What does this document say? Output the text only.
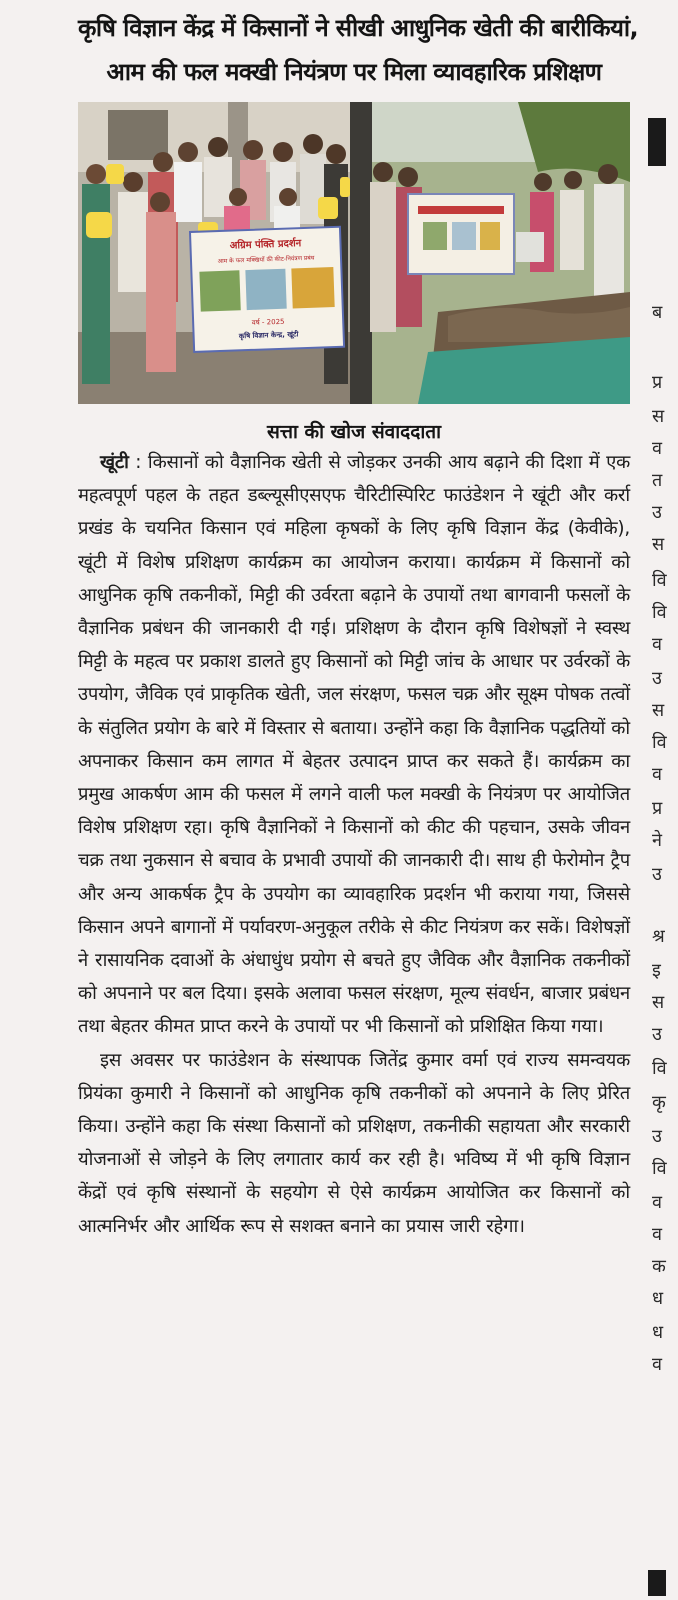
कृषि विज्ञान केंद्र में किसानों ने सीखी आधुनिक खेती की बारीकियां,
आम की फल मक्खी नियंत्रण पर मिला व्यावहारिक प्रशिक्षण
अग्रिम पंक्ति प्रदर्शन
आम के फल मक्खियों की कीट-नियंत्रण प्रबंध
वर्ष - 2025
कृषि विज्ञान केन्द्र, खूंटी
सत्ता की खोज संवाददाता

खूंटी : किसानों को वैज्ञानिक खेती से जोड़कर उनकी आय बढ़ाने की दिशा में एक महत्वपूर्ण पहल के तहत डब्ल्यूसीएसएफ चैरिटीस्पिरिट फाउंडेशन ने खूंटी और कर्रा प्रखंड के चयनित किसान एवं महिला कृषकों के लिए कृषि विज्ञान केंद्र (केवीके), खूंटी में विशेष प्रशिक्षण कार्यक्रम का आयोजन कराया। कार्यक्रम में किसानों को आधुनिक कृषि तकनीकों, मिट्टी की उर्वरता बढ़ाने के उपायों तथा बागवानी फसलों के वैज्ञानिक प्रबंधन की जानकारी दी गई। प्रशिक्षण के दौरान कृषि विशेषज्ञों ने स्वस्थ मिट्टी के महत्व पर प्रकाश डालते हुए किसानों को मिट्टी जांच के आधार पर उर्वरकों के उपयोग, जैविक एवं प्राकृतिक खेती, जल संरक्षण, फसल चक्र और सूक्ष्म पोषक तत्वों के संतुलित प्रयोग के बारे में विस्तार से बताया। उन्होंने कहा कि वैज्ञानिक पद्धतियों को अपनाकर किसान कम लागत में बेहतर उत्पादन प्राप्त कर सकते हैं। कार्यक्रम का प्रमुख आकर्षण आम की फसल में लगने वाली फल मक्खी के नियंत्रण पर आयोजित विशेष प्रशिक्षण रहा। कृषि वैज्ञानिकों ने किसानों को कीट की पहचान, उसके जीवन चक्र तथा नुकसान से बचाव के प्रभावी उपायों की जानकारी दी। साथ ही फेरोमोन ट्रैप और अन्य आकर्षक ट्रैप के उपयोग का व्यावहारिक प्रदर्शन भी कराया गया, जिससे किसान अपने बागानों में पर्यावरण-अनुकूल तरीके से कीट नियंत्रण कर सकें। विशेषज्ञों ने रासायनिक दवाओं के अंधाधुंध प्रयोग से बचते हुए जैविक और वैज्ञानिक तकनीकों को अपनाने पर बल दिया। इसके अलावा फसल संरक्षण, मूल्य संवर्धन, बाजार प्रबंधन तथा बेहतर कीमत प्राप्त करने के उपायों पर भी किसानों को प्रशिक्षित किया गया।

इस अवसर पर फाउंडेशन के संस्थापक जितेंद्र कुमार वर्मा एवं राज्य समन्वयक प्रियंका कुमारी ने किसानों को आधुनिक कृषि तकनीकों को अपनाने के लिए प्रेरित किया। उन्होंने कहा कि संस्था किसानों को प्रशिक्षण, तकनीकी सहायता और सरकारी योजनाओं से जोड़ने के लिए लगातार कार्य कर रही है। भविष्य में भी कृषि विज्ञान केंद्रों एवं कृषि संस्थानों के सहयोग से ऐसे कार्यक्रम आयोजित कर किसानों को आत्मनिर्भर और आर्थिक रूप से सशक्त बनाने का प्रयास जारी रहेगा।

ब
प्र
स
व
त
उ
स
वि
वि
व
उ
स
वि
व
प्र
ने
उ
श्र
इ
स
उ
वि
कृ
उ
वि
व
व
क
ध
ध
व
